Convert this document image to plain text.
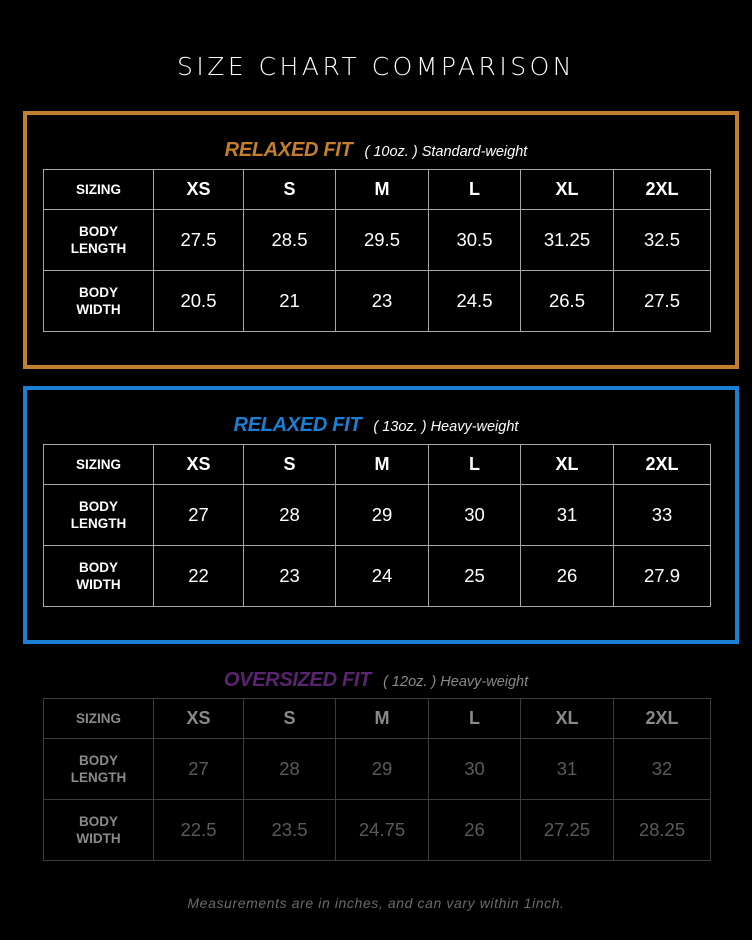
SIZE CHART COMPARISON
RELAXED FIT ( 10oz. ) Standard-weight
SIZING	XS	S	M	L	XL	2XL

BODY
LENGTH	27.5	28.5	29.5	30.5	31.25	32.5

BODY
WIDTH	20.5	21	23	24.5	26.5	27.5
RELAXED FIT ( 13oz. ) Heavy-weight
SIZING	XS	S	M	L	XL	2XL

BODY
LENGTH	27	28	29	30	31	33

BODY
WIDTH	22	23	24	25	26	27.9
OVERSIZED FIT ( 12oz. ) Heavy-weight
SIZING	XS	S	M	L	XL	2XL

BODY
LENGTH	27	28	29	30	31	32

BODY
WIDTH	22.5	23.5	24.75	26	27.25	28.25
Measurements are in inches, and can vary within 1inch.
